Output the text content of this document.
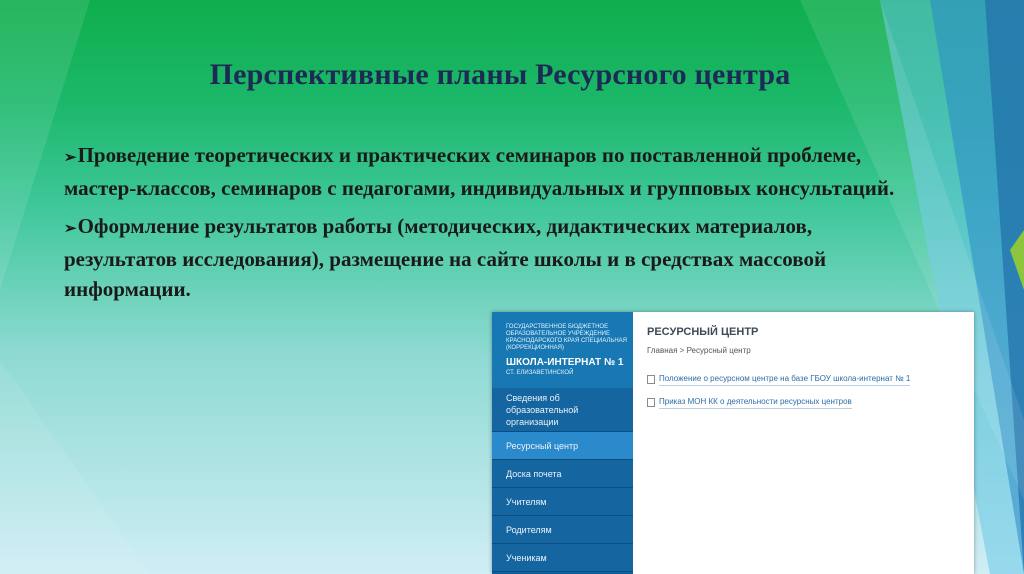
Перспективные планы Ресурсного центра
➢Проведение теоретических и практических семинаров по поставленной проблеме, мастер-классов, семинаров с педагогами, индивидуальных и групповых консультаций.
➢Оформление результатов работы (методических, дидактических материалов, результатов исследования), размещение на сайте школы и в средствах массовой информации.
ГОСУДАРСТВЕННОЕ БЮДЖЕТНОЕ ОБРАЗОВАТЕЛЬНОЕ УЧРЕЖДЕНИЕ КРАСНОДАРСКОГО КРАЯ СПЕЦИАЛЬНАЯ (КОРРЕКЦИОННАЯ)
ШКОЛА-ИНТЕРНАТ № 1
СТ. ЕЛИЗАВЕТИНСКОЙ
Сведения об образовательной организации
Ресурсный центр
Доска почета
Учителям
Родителям
Ученикам
РЕСУРСНЫЙ ЦЕНТР
Главная > Ресурсный центр
Положение о ресурсном центре на базе ГБОУ школа-интернат № 1
Приказ МОН КК о деятельности ресурсных центров
